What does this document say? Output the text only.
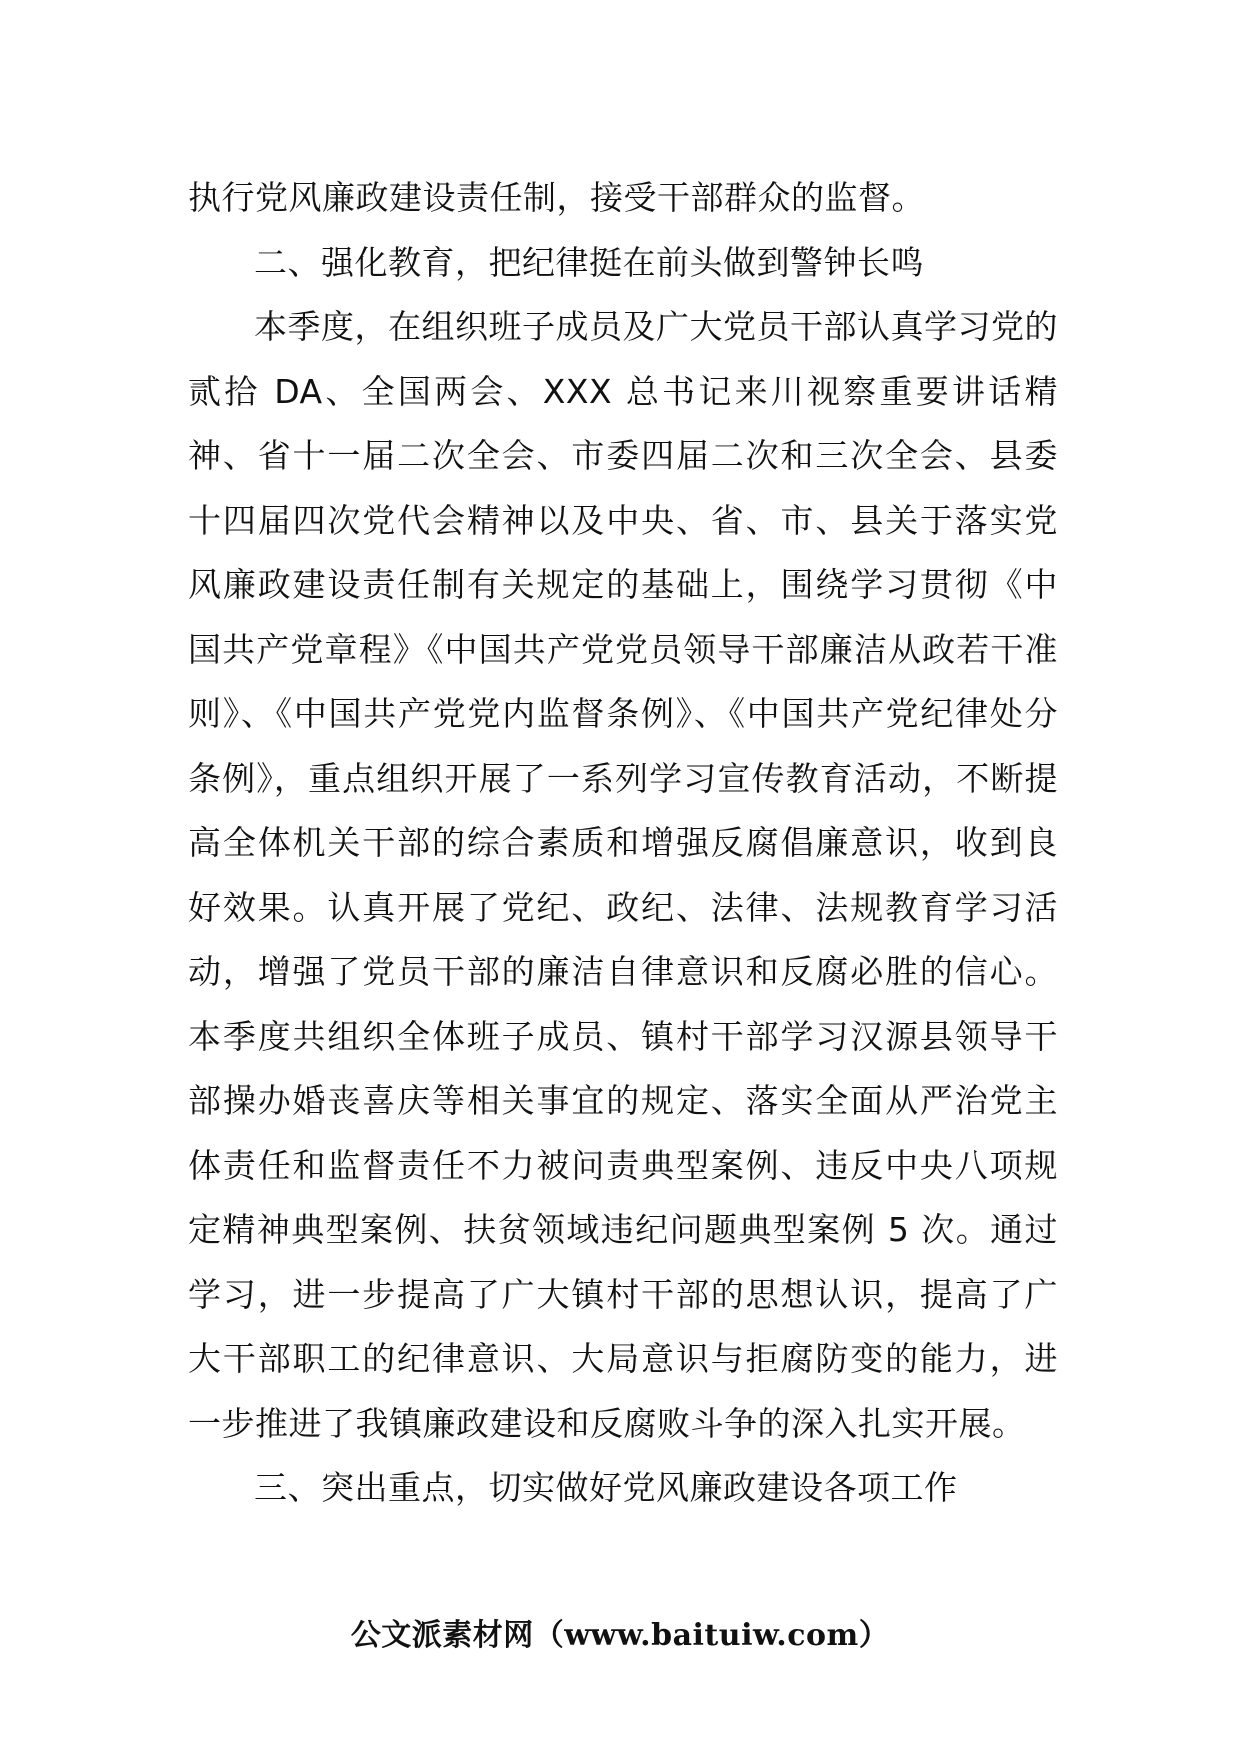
执行党风廉政建设责任制，接受干部群众的监督。

二、强化教育，把纪律挺在前头做到警钟长鸣

本季度，在组织班子成员及广大党员干部认真学习党的贰拾 DA、全国两会、XXX 总书记来川视察重要讲话精神、省十一届二次全会、市委四届二次和三次全会、县委十四届四次党代会精神以及中央、省、市、县关于落实党风廉政建设责任制有关规定的基础上，围绕学习贯彻《中国共产党章程》《中国共产党党员领导干部廉洁从政若干准则》、《中国共产党党内监督条例》、《中国共产党纪律处分条例》，重点组织开展了一系列学习宣传教育活动，不断提高全体机关干部的综合素质和增强反腐倡廉意识，收到良好效果。认真开展了党纪、政纪、法律、法规教育学习活动，增强了党员干部的廉洁自律意识和反腐必胜的信心。本季度共组织全体班子成员、镇村干部学习汉源县领导干部操办婚丧喜庆等相关事宜的规定、落实全面从严治党主体责任和监督责任不力被问责典型案例、违反中央八项规定精神典型案例、扶贫领域违纪问题典型案例 5 次。通过学习，进一步提高了广大镇村干部的思想认识，提高了广大干部职工的纪律意识、大局意识与拒腐防变的能力，进一步推进了我镇廉政建设和反腐败斗争的深入扎实开展。

三、突出重点，切实做好党风廉政建设各项工作

公文派素材网（www.baituiw.com）
